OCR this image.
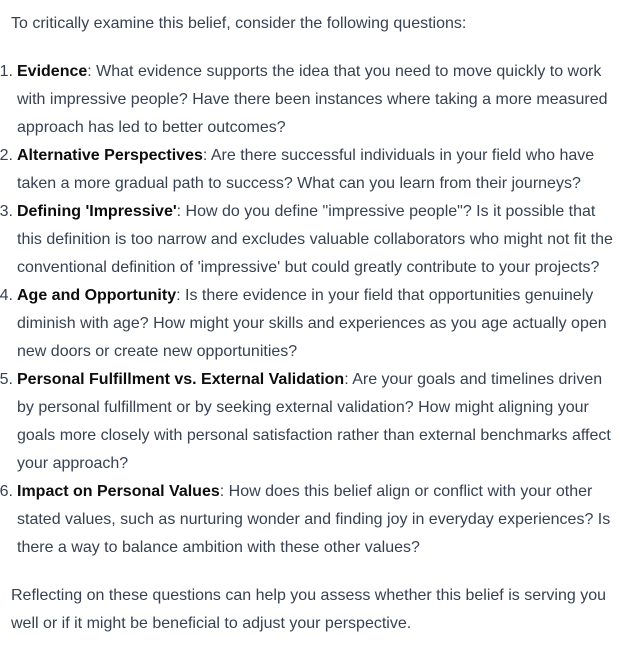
To critically examine this belief, consider the following questions:

1. Evidence: What evidence supports the idea that you need to move quickly to work with impressive people? Have there been instances where taking a more measured approach has led to better outcomes?
2. Alternative Perspectives: Are there successful individuals in your field who have taken a more gradual path to success? What can you learn from their journeys?
3. Defining 'Impressive': How do you define "impressive people"? Is it possible that this definition is too narrow and excludes valuable collaborators who might not fit the conventional definition of 'impressive' but could greatly contribute to your projects?
4. Age and Opportunity: Is there evidence in your field that opportunities genuinely diminish with age? How might your skills and experiences as you age actually open new doors or create new opportunities?
5. Personal Fulfillment vs. External Validation: Are your goals and timelines driven by personal fulfillment or by seeking external validation? How might aligning your goals more closely with personal satisfaction rather than external benchmarks affect your approach?
6. Impact on Personal Values: How does this belief align or conflict with your other stated values, such as nurturing wonder and finding joy in everyday experiences? Is there a way to balance ambition with these other values?

Reflecting on these questions can help you assess whether this belief is serving you well or if it might be beneficial to adjust your perspective.
